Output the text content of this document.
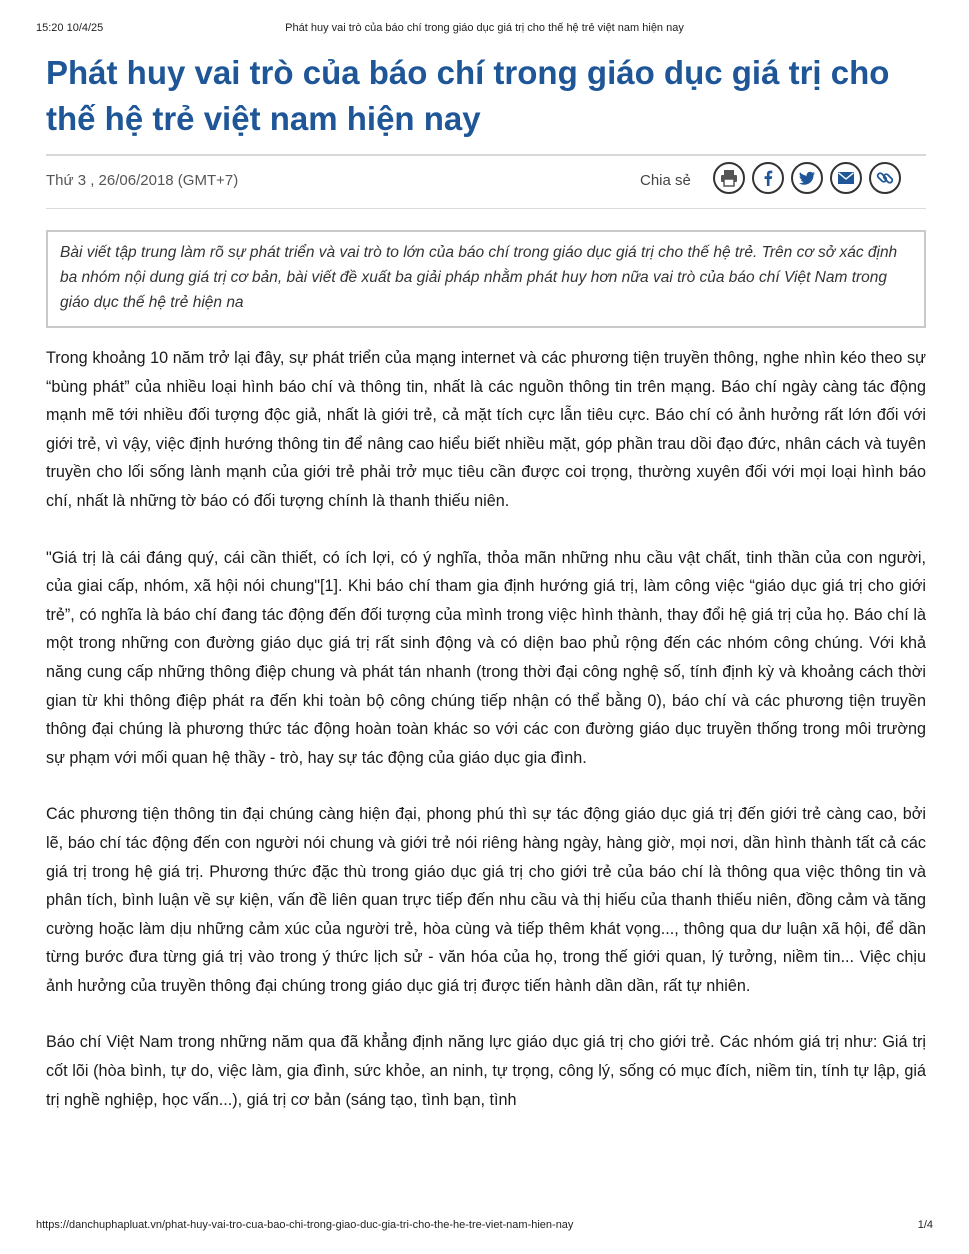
15:20 10/4/25	Phát huy vai trò của báo chí trong giáo dục giá trị cho thế hệ trẻ việt nam hiện nay
Phát huy vai trò của báo chí trong giáo dục giá trị cho thế hệ trẻ việt nam hiện nay
Thứ 3 , 26/06/2018 (GMT+7)	Chia sẻ
Bài viết tập trung làm rõ sự phát triển và vai trò to lớn của báo chí trong giáo dục giá trị cho thế hệ trẻ. Trên cơ sở xác định ba nhóm nội dung giá trị cơ bản, bài viết đề xuất ba giải pháp nhằm phát huy hơn nữa vai trò của báo chí Việt Nam trong giáo dục thế hệ trẻ hiện na

Trong khoảng 10 năm trở lại đây, sự phát triển của mạng internet và các phương tiện truyền thông, nghe nhìn kéo theo sự “bùng phát” của nhiều loại hình báo chí và thông tin, nhất là các nguồn thông tin trên mạng. Báo chí ngày càng tác động mạnh mẽ tới nhiều đối tượng độc giả, nhất là giới trẻ, cả mặt tích cực lẫn tiêu cực. Báo chí có ảnh hưởng rất lớn đối với giới trẻ, vì vậy, việc định hướng thông tin để nâng cao hiểu biết nhiều mặt, góp phần trau dồi đạo đức, nhân cách và tuyên truyền cho lối sống lành mạnh của giới trẻ phải trở mục tiêu cần được coi trọng, thường xuyên đối với mọi loại hình báo chí, nhất là những tờ báo có đối tượng chính là thanh thiếu niên.

"Giá trị là cái đáng quý, cái cần thiết, có ích lợi, có ý nghĩa, thỏa mãn những nhu cầu vật chất, tinh thần của con người, của giai cấp, nhóm, xã hội nói chung"[1]. Khi báo chí tham gia định hướng giá trị, làm công việc “giáo dục giá trị cho giới trẻ”, có nghĩa là báo chí đang tác động đến đối tượng của mình trong việc hình thành, thay đổi hệ giá trị của họ. Báo chí là một trong những con đường giáo dục giá trị rất sinh động và có diện bao phủ rộng đến các nhóm công chúng. Với khả năng cung cấp những thông điệp chung và phát tán nhanh (trong thời đại công nghệ số, tính định kỳ và khoảng cách thời gian từ khi thông điệp phát ra đến khi toàn bộ công chúng tiếp nhận có thể bằng 0), báo chí và các phương tiện truyền thông đại chúng là phương thức tác động hoàn toàn khác so với các con đường giáo dục truyền thống trong môi trường sự phạm với mối quan hệ thầy - trò, hay sự tác động của giáo dục gia đình.

Các phương tiện thông tin đại chúng càng hiện đại, phong phú thì sự tác động giáo dục giá trị đến giới trẻ càng cao, bởi lẽ, báo chí tác động đến con người nói chung và giới trẻ nói riêng hàng ngày, hàng giờ, mọi nơi, dần hình thành tất cả các giá trị trong hệ giá trị. Phương thức đặc thù trong giáo dục giá trị cho giới trẻ của báo chí là thông qua việc thông tin và phân tích, bình luận về sự kiện, vấn đề liên quan trực tiếp đến nhu cầu và thị hiếu của thanh thiếu niên, đồng cảm và tăng cường hoặc làm dịu những cảm xúc của người trẻ, hòa cùng và tiếp thêm khát vọng..., thông qua dư luận xã hội, để dần từng bước đưa từng giá trị vào trong ý thức lịch sử - văn hóa của họ, trong thế giới quan, lý tưởng, niềm tin... Việc chịu ảnh hưởng của truyền thông đại chúng trong giáo dục giá trị được tiến hành dần dần, rất tự nhiên.

Báo chí Việt Nam trong những năm qua đã khẳng định năng lực giáo dục giá trị cho giới trẻ. Các nhóm giá trị như: Giá trị cốt lõi (hòa bình, tự do, việc làm, gia đình, sức khỏe, an ninh, tự trọng, công lý, sống có mục đích, niềm tin, tính tự lập, giá trị nghề nghiệp, học vấn...), giá trị cơ bản (sáng tạo, tình bạn, tình

https://danchuphapluat.vn/phat-huy-vai-tro-cua-bao-chi-trong-giao-duc-gia-tri-cho-the-he-tre-viet-nam-hien-nay	1/4
